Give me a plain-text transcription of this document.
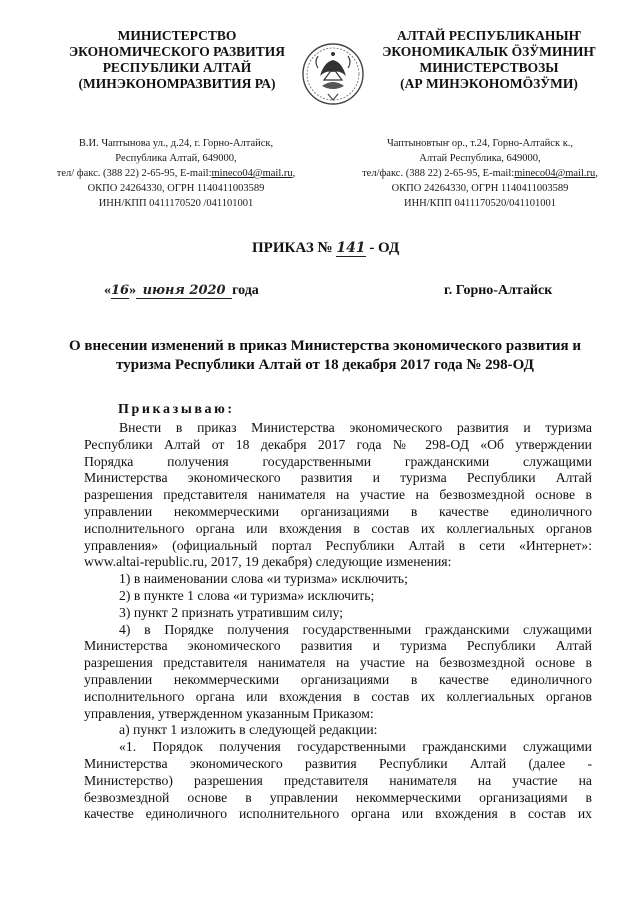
МИНИСТЕРСТВО
ЭКОНОМИЧЕСКОГО РАЗВИТИЯ
РЕСПУБЛИКИ АЛТАЙ
(МИНЭКОНОМРАЗВИТИЯ РА)
АЛТАЙ РЕСПУБЛИКАНЫҤ
ЭКОНОМИКАЛЫК ӦЗӰМИНИҤ
МИНИСТЕРСТВОЗЫ
(АР МИНЭКОНОМӦЗӰМИ)
В.И. Чаптынова ул., д.24, г. Горно-Алтайск,
Республика Алтай, 649000,
тел/ факс. (388 22) 2-65-95, E-mail:mineco04@mail.ru,
ОКПО 24264330, ОГРН 1140411003589
ИНН/КПП 0411170520 /041101001
Чаптыновтыҥ ор., т.24, Горно-Алтайск к.,
Алтай Республика, 649000,
тел/факс. (388 22) 2-65-95, E-mail:mineco04@mail.ru,
ОКПО 24264330, ОГРН 1140411003589
ИНН/КПП 0411170520/041101001
ПРИКАЗ № 141 - ОД
«16» июня 2020 года	г. Горно-Алтайск
О внесении изменений в приказ Министерства экономического развития и
туризма Республики Алтай от 18 декабря 2017 года № 298-ОД
Приказываю:
Внести в приказ Министерства экономического развития и туризма
Республики Алтай от 18 декабря 2017 года № 298-ОД «Об утверждении
Порядка получения государственными гражданскими служащими
Министерства экономического развития и туризма Республики Алтай
разрешения представителя нанимателя на участие на безвозмездной основе в
управлении некоммерческими организациями в качестве единоличного
исполнительного органа или вхождения в состав их коллегиальных органов
управления» (официальный портал Республики Алтай в сети «Интернет»:
www.altai-republic.ru, 2017, 19 декабря) следующие изменения:
1) в наименовании слова «и туризма» исключить;
2) в пункте 1 слова «и туризма» исключить;
3) пункт 2 признать утратившим силу;
4) в Порядке получения государственными гражданскими служащими
Министерства экономического развития и туризма Республики Алтай
разрешения представителя нанимателя на участие на безвозмездной основе в
управлении некоммерческими организациями в качестве единоличного
исполнительного органа или вхождения в состав их коллегиальных органов
управления, утвержденном указанным Приказом:
а) пункт 1 изложить в следующей редакции:
«1. Порядок получения государственными гражданскими служащими
Министерства экономического развития Республики Алтай (далее -
Министерство) разрешения представителя нанимателя на участие на
безвозмездной основе в управлении некоммерческими организациями в
качестве единоличного исполнительного органа или вхождения в состав их
